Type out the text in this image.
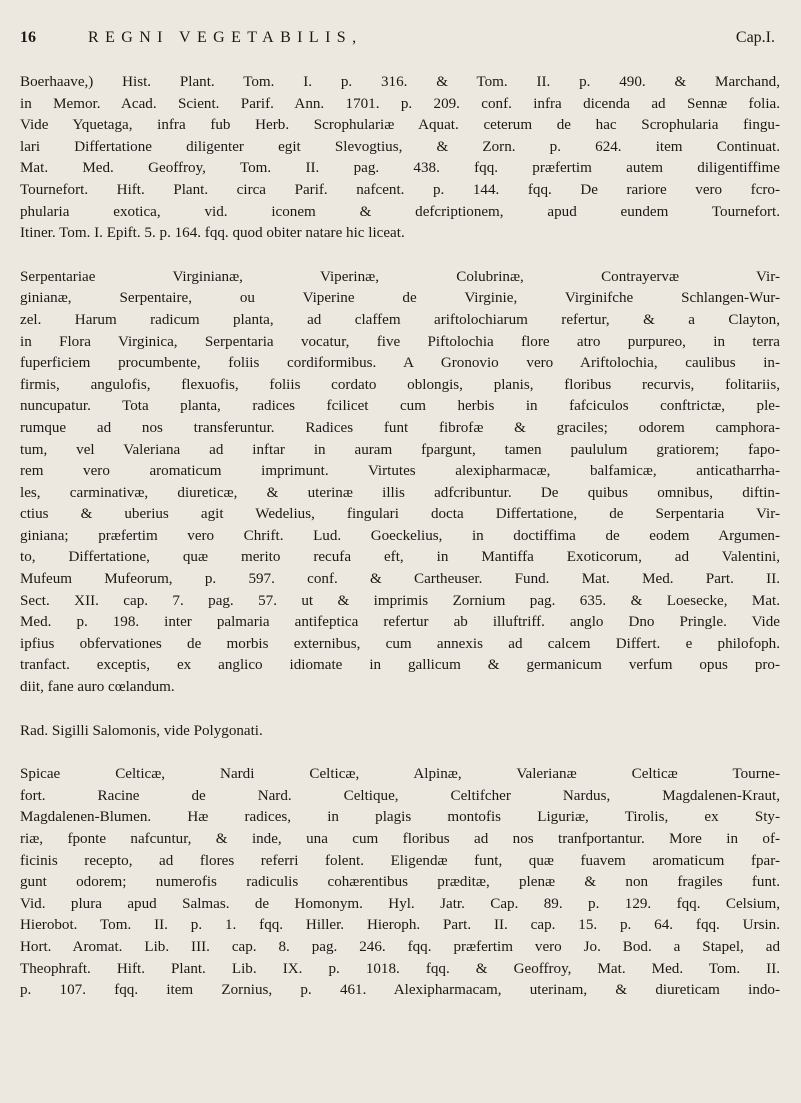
16	REGNI VEGETABILIS,	Cap.I.
Boerhaave,) Hist. Plant. Tom. I. p. 316. & Tom. II. p. 490. & Marchand,
in Memor. Acad. Scient. Parif. Ann. 1701. p. 209. conf. infra dicenda ad Sennæ folia.
Vide Yquetaga, infra fub Herb. Scrophulariæ Aquat. ceterum de hac Scrophularia fingu-
lari Differtatione diligenter egit Slevogtius, & Zorn. p. 624. item Continuat.
Mat. Med. Geoffroy, Tom. II. pag. 438. fqq. præfertim autem diligentiffime
Tournefort. Hift. Plant. circa Parif. nafcent. p. 144. fqq. De rariore vero fcro-
phularia exotica, vid. iconem & defcriptionem, apud eundem Tournefort.
Itiner. Tom. I. Epift. 5. p. 164. fqq. quod obiter natare hic liceat.
Serpentariae Virginianæ, Viperinæ, Colubrinæ, Contrayervæ Vir-
ginianæ, Serpentaire, ou Viperine de Virginie, Virginifche Schlangen-Wur-
zel. Harum radicum planta, ad claffem ariftolochiarum refertur, & a Clayton,
in Flora Virginica, Serpentaria vocatur, five Piftolochia flore atro purpureo, in terra
fuperficiem procumbente, foliis cordiformibus. A Gronovio vero Ariftolochia, caulibus in-
firmis, angulofis, flexuofis, foliis cordato oblongis, planis, floribus recurvis, folitariis,
nuncupatur. Tota planta, radices fcilicet cum herbis in fafciculos conftrictæ, ple-
rumque ad nos transferuntur. Radices funt fibrofæ & graciles; odorem camphora-
tum, vel Valeriana ad inftar in auram fpargunt, tamen paululum gratiorem; fapo-
rem vero aromaticum imprimunt. Virtutes alexipharmacæ, balfamicæ, anticatharrha-
les, carminativæ, diureticæ, & uterinæ illis adfcribuntur. De quibus omnibus, diftin-
ctius & uberius agit Wedelius, fingulari docta Differtatione, de Serpentaria Vir-
giniana; præfertim vero Chrift. Lud. Goeckelius, in doctiffima de eodem Argumen-
to, Differtatione, quæ merito recufa eft, in Mantiffa Exoticorum, ad Valentini,
Mufeum Mufeorum, p. 597. conf. & Cartheuser. Fund. Mat. Med. Part. II.
Sect. XII. cap. 7. pag. 57. ut & imprimis Zornium pag. 635. & Loesecke, Mat.
Med. p. 198. inter palmaria antifeptica refertur ab illuftriff. anglo Dno Pringle. Vide
ipfius obfervationes de morbis externibus, cum annexis ad calcem Differt. e philofoph.
tranfact. exceptis, ex anglico idiomate in gallicum & germanicum verfum opus pro-
diit, fane auro cœlandum.
Rad. Sigilli Salomonis, vide Polygonati.
Spicae Celticæ, Nardi Celticæ, Alpinæ, Valerianæ Celticæ Tourne-
fort. Racine de Nard. Celtique, Celtifcher Nardus, Magdalenen-Kraut,
Magdalenen-Blumen. Hæ radices, in plagis montofis Liguriæ, Tirolis, ex Sty-
riæ, fponte nafcuntur, & inde, una cum floribus ad nos tranfportantur. More in of-
ficinis recepto, ad flores referri folent. Eligendæ funt, quæ fuavem aromaticum fpar-
gunt odorem; numerofis radiculis cohærentibus præditæ, plenæ & non fragiles funt.
Vid. plura apud Salmas. de Homonym. Hyl. Jatr. Cap. 89. p. 129. fqq. Celsium,
Hierobot. Tom. II. p. 1. fqq. Hiller. Hieroph. Part. II. cap. 15. p. 64. fqq. Ursin.
Hort. Aromat. Lib. III. cap. 8. pag. 246. fqq. præfertim vero Jo. Bod. a Stapel, ad
Theophraft. Hift. Plant. Lib. IX. p. 1018. fqq. & Geoffroy, Mat. Med. Tom. II.
p. 107. fqq. item Zornius, p. 461. Alexipharmacam, uterinam, & diureticam indo-
